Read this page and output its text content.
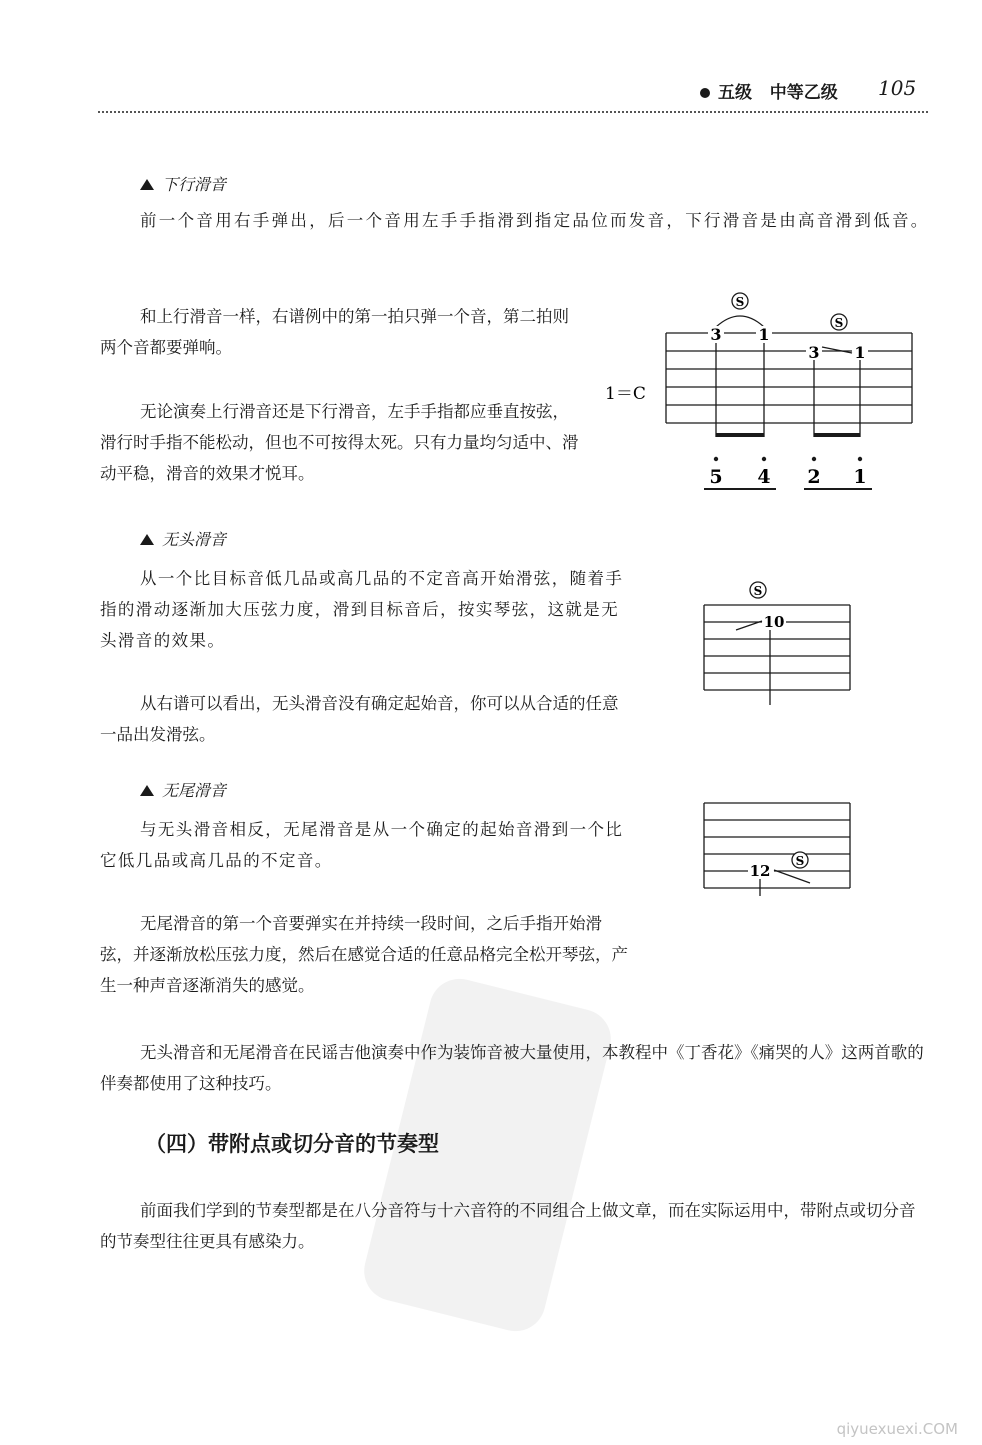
五级 中等乙级 105
下行滑音

前一个音用右手弹出，后一个音用左手手指滑到指定品位而发音，下行滑音是由高音滑到低音。

和上行滑音一样，右谱例中的第一拍只弹一个音，第二拍则两个音都要弹响。

无论演奏上行滑音还是下行滑音，左手手指都应垂直按弦，滑行时手指不能松动，但也不可按得太死。只有力量均匀适中、滑动平稳，滑音的效果才悦耳。

S
S
3 1
3 1
1＝C
5 4 2 1
无头滑音

从一个比目标音低几品或高几品的不定音高开始滑弦，随着手指的滑动逐渐加大压弦力度，滑到目标音后，按实琴弦，这就是无头滑音的效果。

从右谱可以看出，无头滑音没有确定起始音，你可以从合适的任意一品出发滑弦。

S
10
无尾滑音

与无头滑音相反，无尾滑音是从一个确定的起始音滑到一个比它低几品或高几品的不定音。

无尾滑音的第一个音要弹实在并持续一段时间，之后手指开始滑弦，并逐渐放松压弦力度，然后在感觉合适的任意品格完全松开琴弦，产生一种声音逐渐消失的感觉。

12
S

无头滑音和无尾滑音在民谣吉他演奏中作为装饰音被大量使用，本教程中《丁香花》《痛哭的人》这两首歌的伴奏都使用了这种技巧。

（四）带附点或切分音的节奏型

前面我们学到的节奏型都是在八分音符与十六音符的不同组合上做文章，而在实际运用中，带附点或切分音的节奏型往往更具有感染力。

qiyuexuexi.COM
